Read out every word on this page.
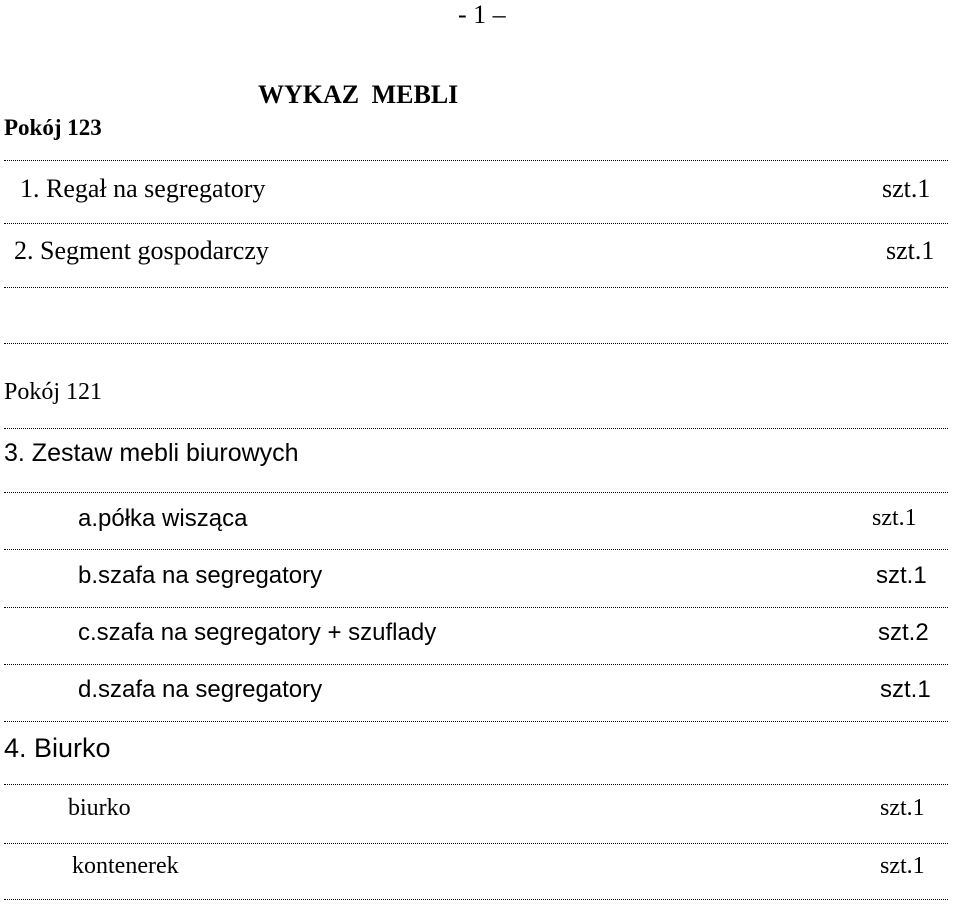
- 1 –
WYKAZ MEBLI
Pokój 123
1. Regał na segregatory	szt.1
2. Segment gospodarczy	szt.1
Pokój 121
3. Zestaw mebli biurowych
a.półka wisząca	szt.1
b.szafa na segregatory	szt.1
c.szafa na segregatory + szuflady	szt.2
d.szafa na segregatory	szt.1
4. Biurko
biurko	szt.1
kontenerek	szt.1
